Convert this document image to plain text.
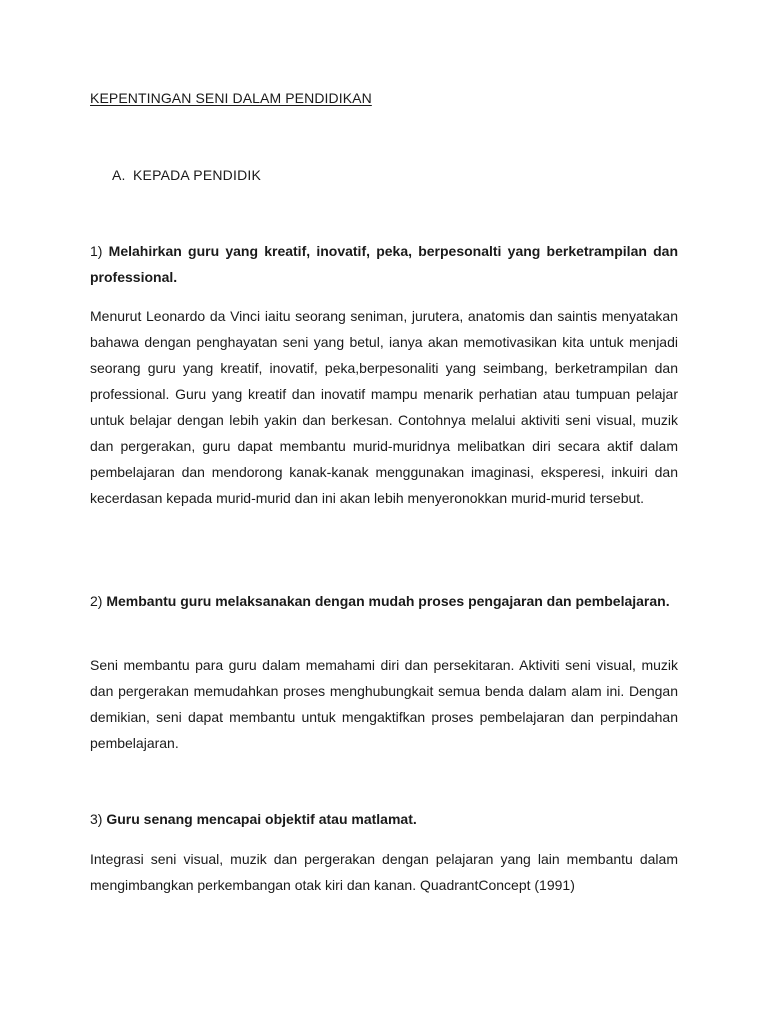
KEPENTINGAN SENI DALAM PENDIDIKAN
A. KEPADA PENDIDIK
1) Melahirkan guru yang kreatif, inovatif, peka, berpesonalti yang berketrampilan dan professional.
Menurut Leonardo da Vinci iaitu seorang seniman, jurutera, anatomis dan saintis menyatakan bahawa dengan penghayatan seni yang betul, ianya akan memotivasikan kita untuk menjadi seorang guru yang kreatif, inovatif, peka,berpesonaliti yang seimbang, berketrampilan dan professional. Guru yang kreatif dan inovatif mampu menarik perhatian atau tumpuan pelajar untuk belajar dengan lebih yakin dan berkesan. Contohnya melalui aktiviti seni visual, muzik dan pergerakan, guru dapat membantu murid-muridnya melibatkan diri secara aktif dalam pembelajaran dan mendorong kanak-kanak menggunakan imaginasi, eksperesi, inkuiri dan kecerdasan kepada murid-murid dan ini akan lebih menyeronokkan murid-murid tersebut.
2) Membantu guru melaksanakan dengan mudah proses pengajaran dan pembelajaran.
Seni membantu para guru dalam memahami diri dan persekitaran. Aktiviti seni visual, muzik dan pergerakan memudahkan proses menghubungkait semua benda dalam alam ini. Dengan demikian, seni dapat membantu untuk mengaktifkan proses pembelajaran dan perpindahan pembelajaran.
3) Guru senang mencapai objektif atau matlamat.
Integrasi seni visual, muzik dan pergerakan dengan pelajaran yang lain membantu dalam mengimbangkan perkembangan otak kiri dan kanan. QuadrantConcept (1991)
